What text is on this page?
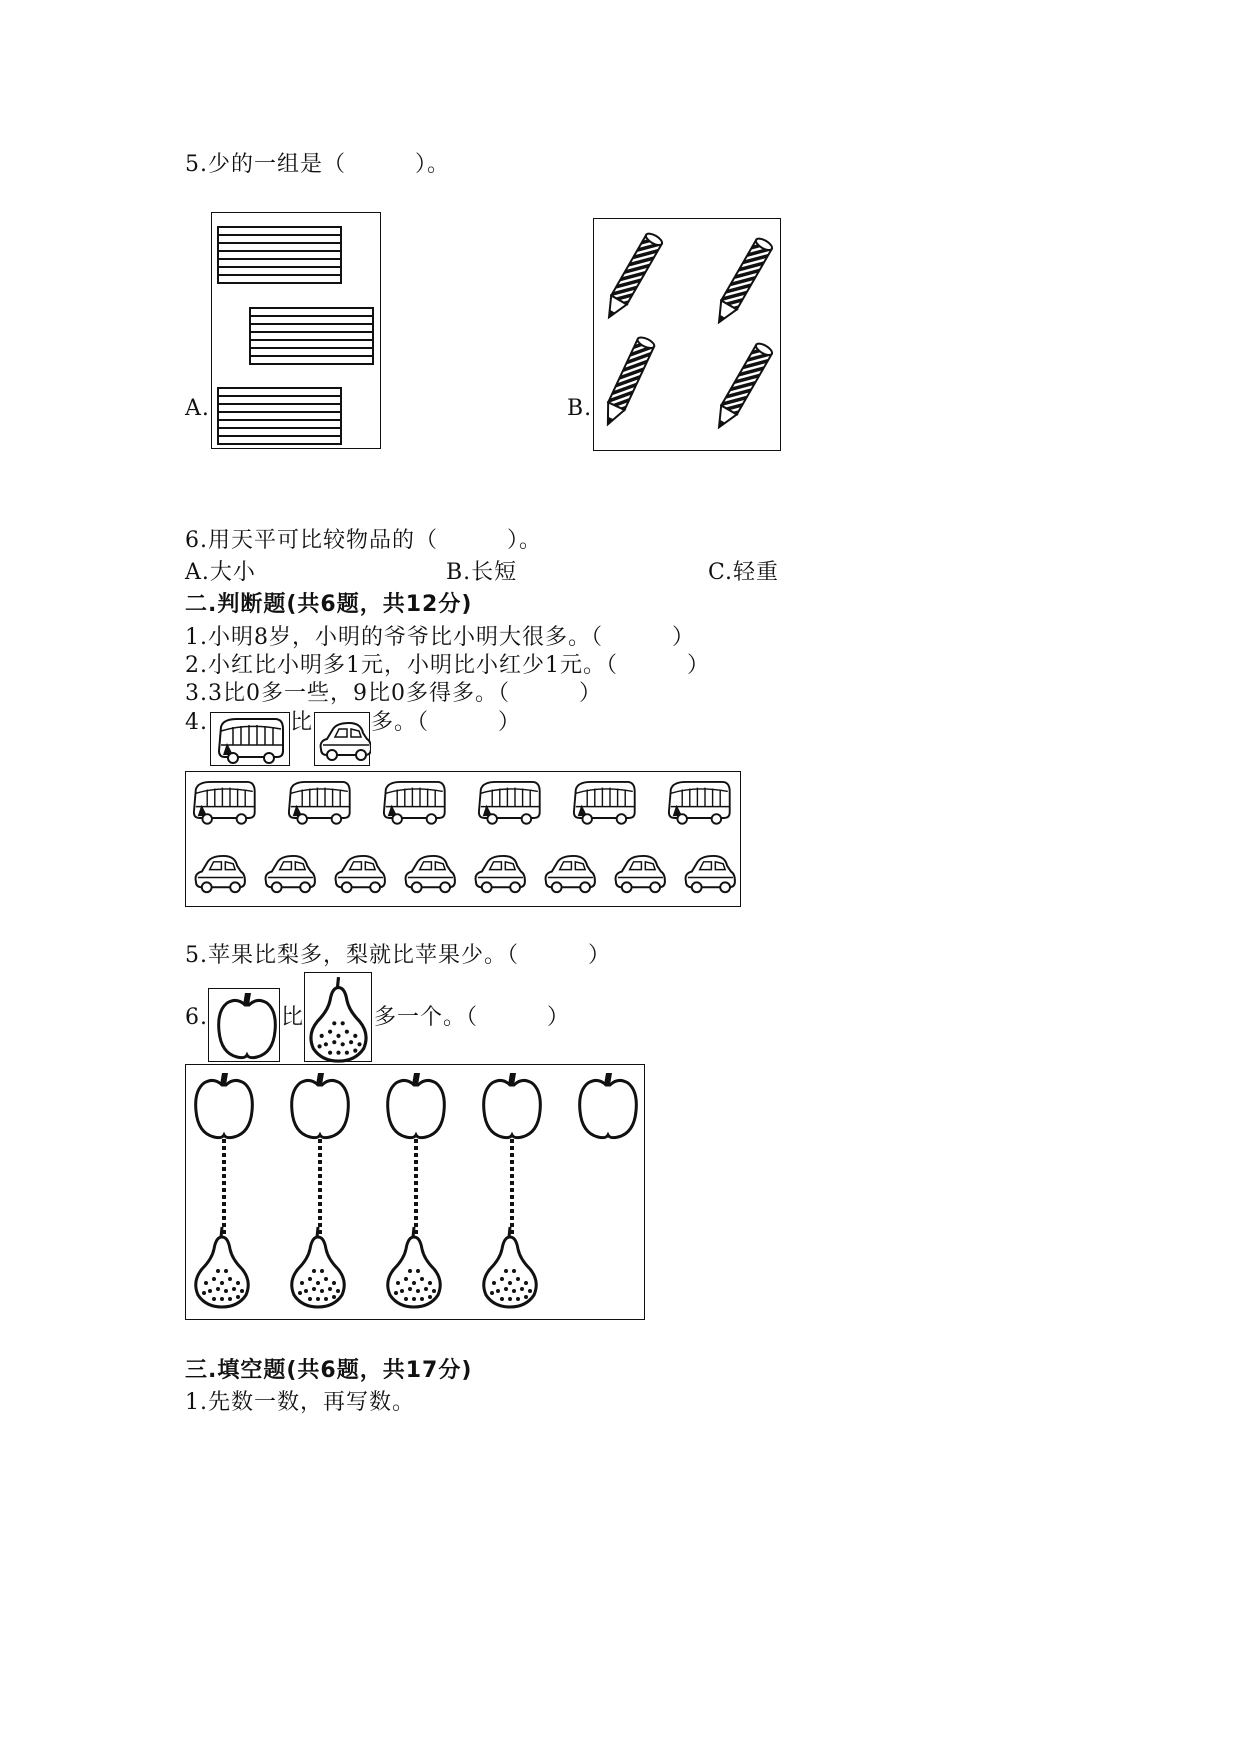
5.少的一组是（　　　）。
A.	B.
6.用天平可比较物品的（　　　）。
A.大小	B.长短	C.轻重
二.判断题(共6题，共12分)
1.小明8岁，小明的爷爷比小明大很多。（　　　）
2.小红比小明多1元，小明比小红少1元。（　　　）
3.3比0多一些，9比0多得多。（　　　）
4.	比	多。（　　　）
5.苹果比梨多，梨就比苹果少。（　　　）
6.	比	多一个。（　　　）
三.填空题(共6题，共17分)
1.先数一数，再写数。
